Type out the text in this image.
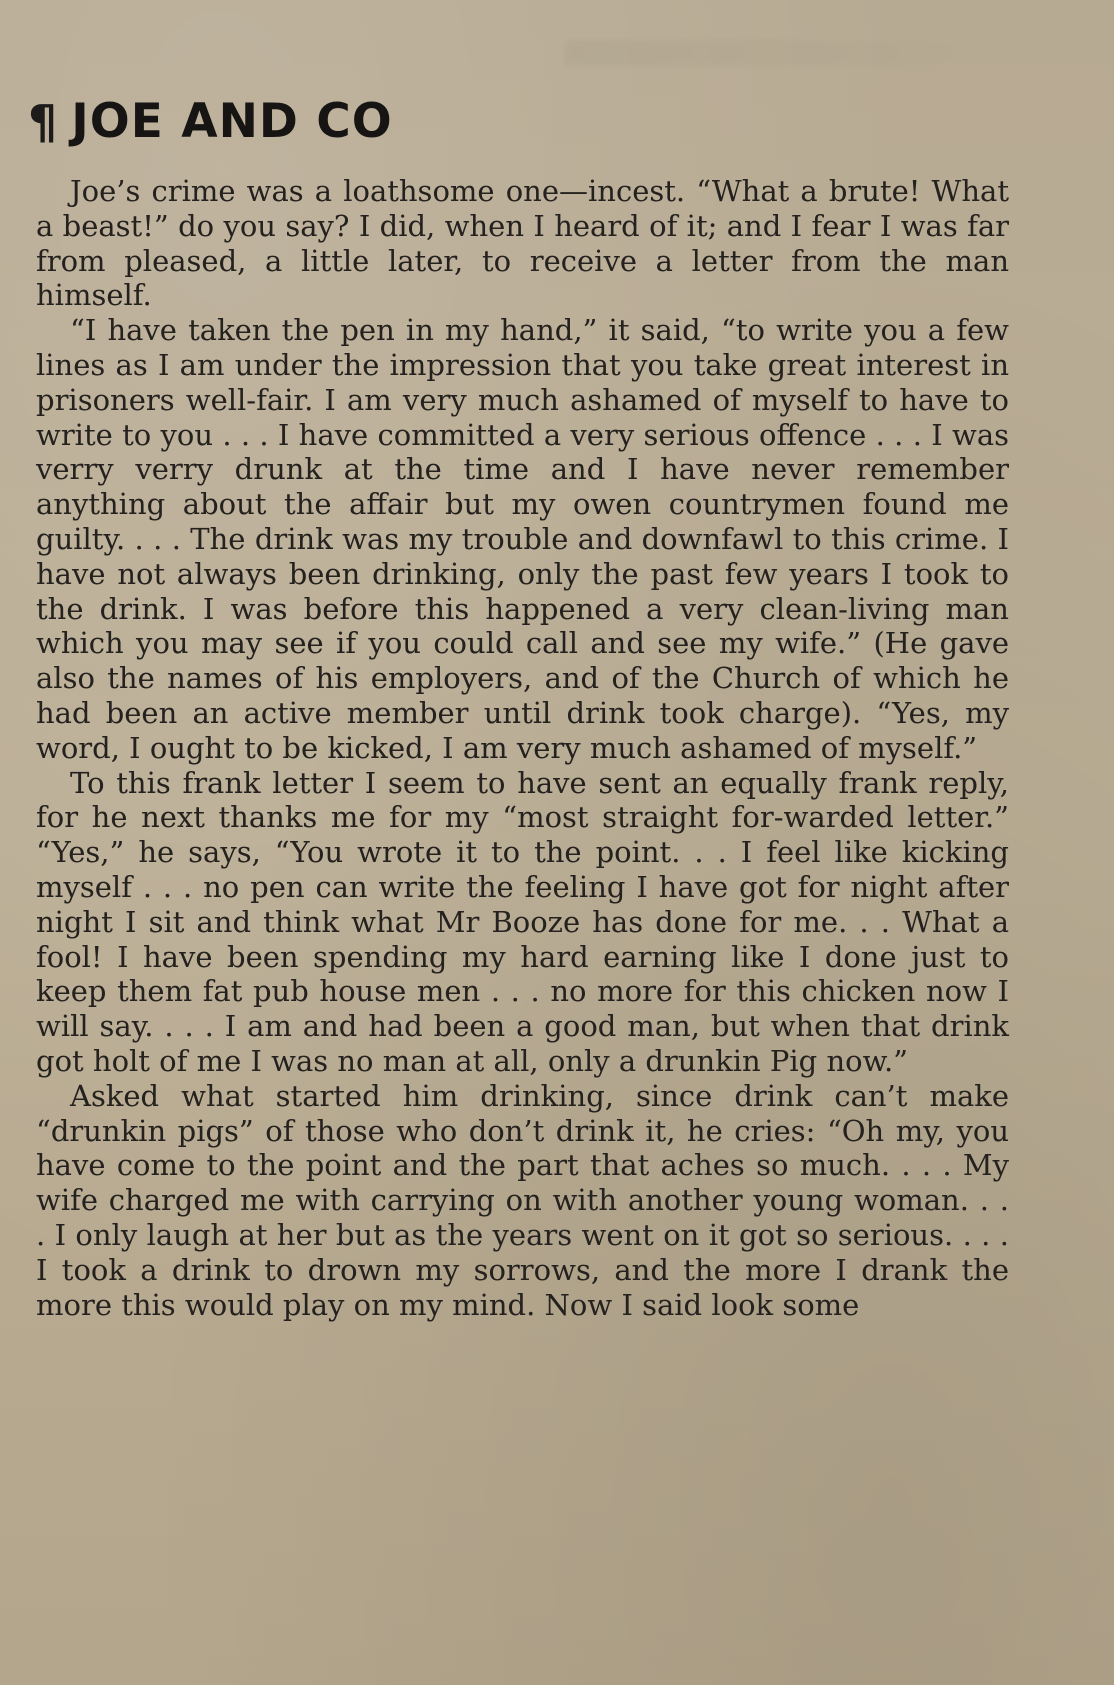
¶ JOE AND CO

Joe’s crime was a loathsome one—incest. “What a brute! What a beast!” do you say? I did, when I heard of it; and I fear I was far from pleased, a little later, to receive a letter from the man himself.

“I have taken the pen in my hand,” it said, “to write you a few lines as I am under the impression that you take great interest in prisoners well-fair. I am very much ashamed of myself to have to write to you . . . I have committed a very serious offence . . . I was verry verry drunk at the time and I have never remember anything about the affair but my owen countrymen found me guilty. . . . The drink was my trouble and downfawl to this crime. I have not always been drinking, only the past few years I took to the drink. I was before this happened a very clean-living man which you may see if you could call and see my wife.” (He gave also the names of his employers, and of the Church of which he had been an active member until drink took charge). “Yes, my word, I ought to be kicked, I am very much ashamed of myself.”

To this frank letter I seem to have sent an equally frank reply, for he next thanks me for my “most straight for-warded letter.” “Yes,” he says, “You wrote it to the point. . . I feel like kicking myself . . . no pen can write the feeling I have got for night after night I sit and think what Mr Booze has done for me. . . What a fool! I have been spending my hard earning like I done just to keep them fat pub house men . . . no more for this chicken now I will say. . . . I am and had been a good man, but when that drink got holt of me I was no man at all, only a drunkin Pig now.”

Asked what started him drinking, since drink can’t make “drunkin pigs” of those who don’t drink it, he cries: “Oh my, you have come to the point and the part that aches so much. . . . My wife charged me with carrying on with another young woman. . . . I only laugh at her but as the years went on it got so serious. . . . I took a drink to drown my sorrows, and the more I drank the more this would play on my mind. Now I said look some
